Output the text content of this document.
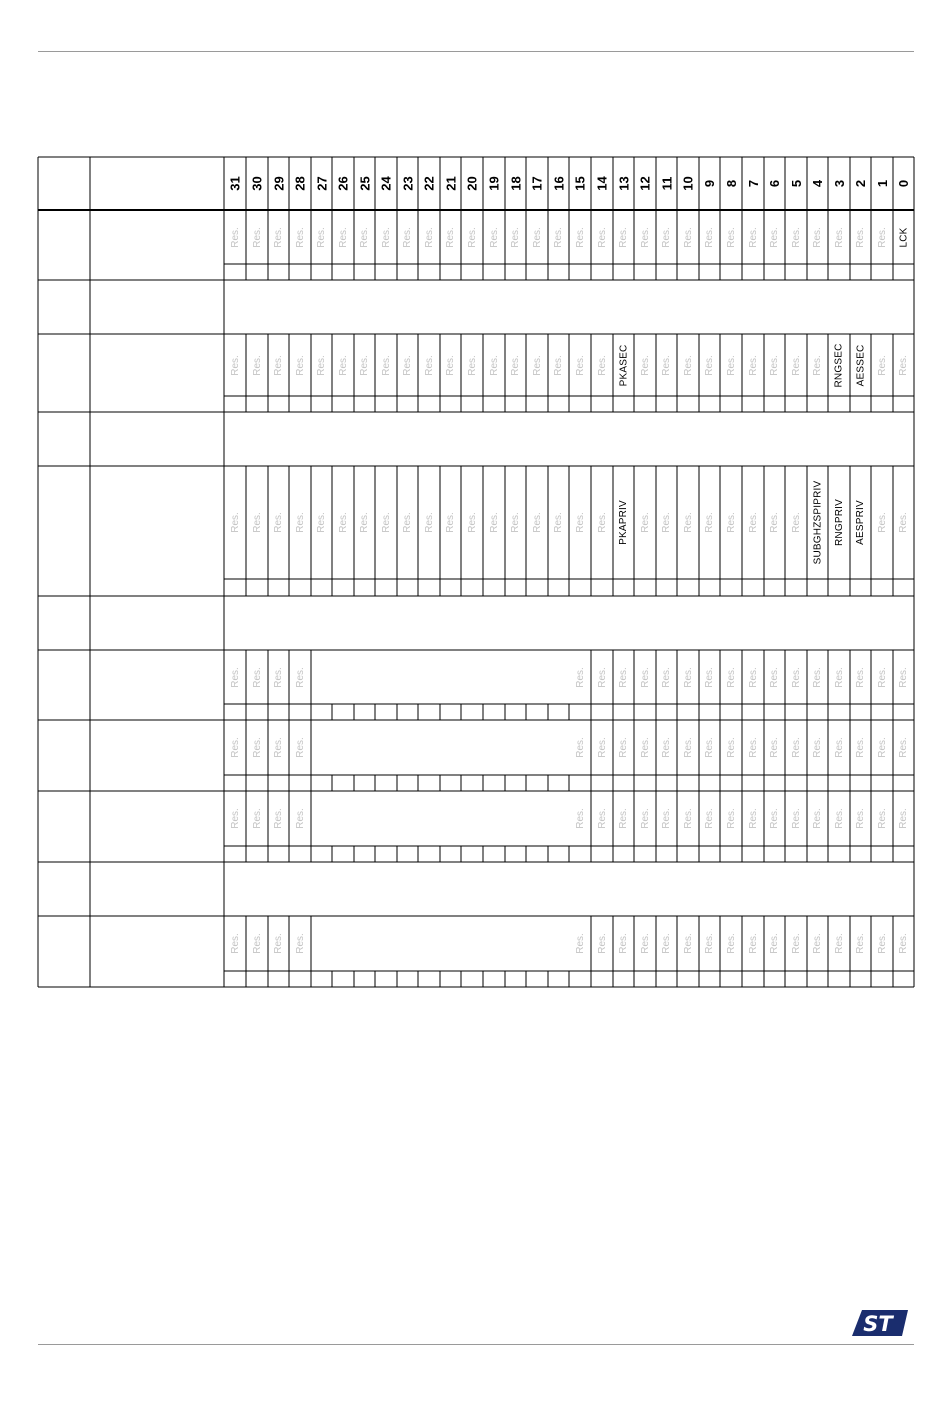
31 30 29 28 27 26 25 24 23 22 21 20 19 18 17 16 15 14 13 12 11 10 9 8 7 6 5 4 3 2 1 0
Res. Res. Res. Res. Res. Res. Res. Res. Res. Res. Res. Res. Res. Res. Res. Res. Res. Res. Res. Res. Res. Res. Res. Res. Res. Res. Res. Res. Res. Res. Res. LCK
Res. Res. Res. Res. Res. Res. Res. Res. Res. Res. Res. Res. Res. Res. Res. Res. Res. Res. PKASEC Res. Res. Res. Res. Res. Res. Res. Res. Res. RNGSEC AESSEC Res. Res.
Res. Res. Res. Res. Res. Res. Res. Res. Res. Res. Res. Res. Res. Res. Res. Res. Res. Res. PKAPRIV Res. Res. Res. Res. Res. Res. Res. Res. SUBGHZSPIPRIV RNGPRIV AESPRIV Res. Res.
Res. Res. Res. Res.	Res. Res. Res. Res. Res. Res. Res. Res. Res. Res. Res. Res. Res. Res. Res. Res.
Res. Res. Res. Res.	Res. Res. Res. Res. Res. Res. Res. Res. Res. Res. Res. Res. Res. Res. Res. Res.
Res. Res. Res. Res.	Res. Res. Res. Res. Res. Res. Res. Res. Res. Res. Res. Res. Res. Res. Res. Res.
Res. Res. Res. Res.	Res. Res. Res. Res. Res. Res. Res. Res. Res. Res. Res. Res. Res. Res. Res. Res.
ST
